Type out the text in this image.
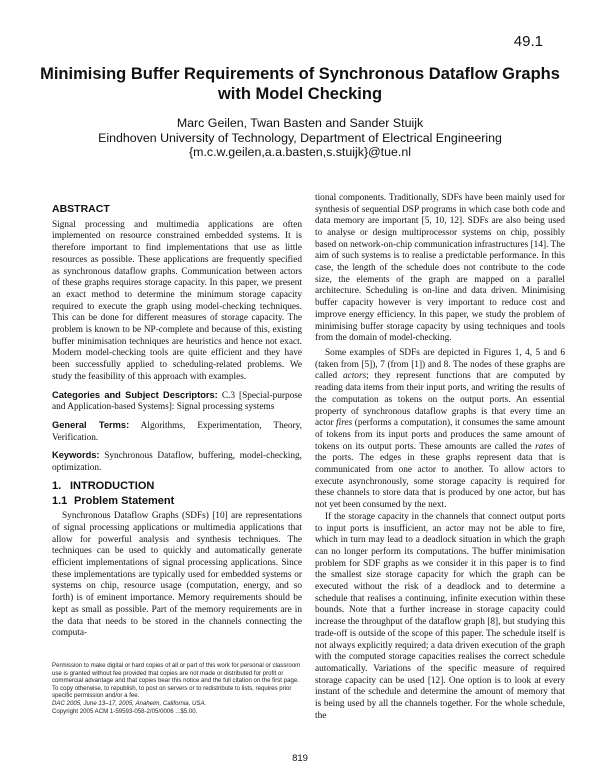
49.1
Minimising Buffer Requirements of Synchronous Dataflow Graphs with Model Checking
Marc Geilen, Twan Basten and Sander Stuijk
Eindhoven University of Technology, Department of Electrical Engineering
{m.c.w.geilen,a.a.basten,s.stuijk}@tue.nl
ABSTRACT

Signal processing and multimedia applications are often implemented on resource constrained embedded systems. It is therefore important to find implementations that use as little resources as possible. These applications are frequently specified as synchronous dataflow graphs. Communication between actors of these graphs requires storage capacity. In this paper, we present an exact method to determine the minimum storage capacity required to execute the graph using model-checking techniques. This can be done for different measures of storage capacity. The problem is known to be NP-complete and because of this, existing buffer minimisation techniques are heuristics and hence not exact. Modern model-checking tools are quite efficient and they have been successfully applied to scheduling-related problems. We study the feasibility of this approach with examples.

Categories and Subject Descriptors: C.3 [Special-purpose and Application-based Systems]: Signal processing systems

General Terms: Algorithms, Experimentation, Theory, Verification.

Keywords: Synchronous Dataflow, buffering, model-checking, optimization.

1. INTRODUCTION
1.1 Problem Statement

Synchronous Dataflow Graphs (SDFs) [10] are representations of signal processing applications or multimedia applications that allow for powerful analysis and synthesis techniques. The techniques can be used to quickly and automatically generate efficient implementations of signal processing applications. Since these implementations are typically used for embedded systems or systems on chip, resource usage (computation, energy, and so forth) is of eminent importance. Memory requirements should be kept as small as possible. Part of the memory requirements are in the data that needs to be stored in the channels connecting the computa-

tional components. Traditionally, SDFs have been mainly used for synthesis of sequential DSP programs in which case both code and data memory are important [5, 10, 12]. SDFs are also being used to analyse or design multiprocessor systems on chip, possibly based on network-on-chip communication infrastructures [14]. The aim of such systems is to realise a predictable performance. In this case, the length of the schedule does not contribute to the code size, the elements of the graph are mapped on a parallel architecture. Scheduling is on-line and data driven. Minimising buffer capacity however is very important to reduce cost and improve energy efficiency. In this paper, we study the problem of minimising buffer storage capacity by using techniques and tools from the domain of model-checking.

Some examples of SDFs are depicted in Figures 1, 4, 5 and 6 (taken from [5]), 7 (from [1]) and 8. The nodes of these graphs are called actors; they represent functions that are computed by reading data items from their input ports, and writing the results of the computation as tokens on the output ports. An essential property of synchronous dataflow graphs is that every time an actor fires (performs a computation), it consumes the same amount of tokens from its input ports and produces the same amount of tokens on its output ports. These amounts are called the rates of the ports. The edges in these graphs represent data that is communicated from one actor to another. To allow actors to execute asynchronously, some storage capacity is required for these channels to store data that is produced by one actor, but has not yet been consumed by the next.

If the storage capacity in the channels that connect output ports to input ports is insufficient, an actor may not be able to fire, which in turn may lead to a deadlock situation in which the graph can no longer perform its computations. The buffer minimisation problem for SDF graphs as we consider it in this paper is to find the smallest size storage capacity for which the graph can be executed without the risk of a deadlock and to determine a schedule that realises a continuing, infinite execution within these bounds. Note that a further increase in storage capacity could increase the throughput of the dataflow graph [8], but studying this trade-off is outside of the scope of this paper. The schedule itself is not always explicitly required; a data driven execution of the graph with the computed storage capacities realises the correct schedule automatically. Variations of the specific measure of required storage capacity can be used [12]. One option is to look at every instant of the schedule and determine the amount of memory that is being used by all the channels together. For the whole schedule, the

Permission to make digital or hard copies of all or part of this work for personal or classroom use is granted without fee provided that copies are not made or distributed for profit or commercial advantage and that copies bear this notice and the full citation on the first page. To copy otherwise, to republish, to post on servers or to redistribute to lists, requires prior specific permission and/or a fee.

DAC 2005, June 13–17, 2005, Anaheim, California, USA.

Copyright 2005 ACM 1-59593-058-2/05/0006 ...$5.00.

819
